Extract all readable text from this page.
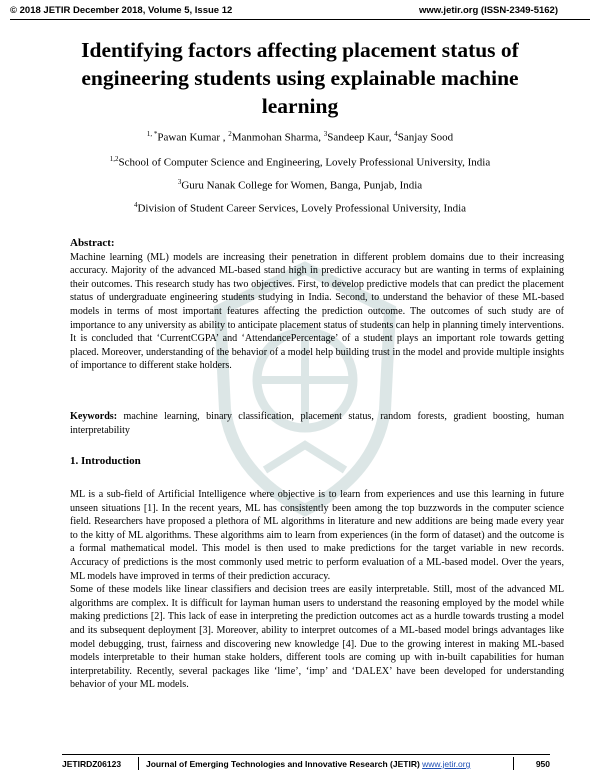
© 2018 JETIR December 2018, Volume 5, Issue 12	www.jetir.org (ISSN-2349-5162)
Identifying factors affecting placement status of engineering students using explainable machine learning
$^{1, *}$Pawan Kumar , $^2$Manmohan Sharma, $^3$Sandeep Kaur, $^4$Sanjay Sood
$^{1,2}$School of Computer Science and Engineering, Lovely Professional University, India
$^3$Guru Nanak College for Women, Banga, Punjab, India
$^4$Division of Student Career Services, Lovely Professional University, India
Abstract:

Machine learning (ML) models are increasing their penetration in different problem domains due to their increasing accuracy. Majority of the advanced ML-based stand high in predictive accuracy but are wanting in terms of explaining their outcomes. This research study has two objectives. First, to develop predictive models that can predict the placement status of undergraduate engineering students studying in India. Second, to understand the behavior of these ML-based models in terms of most important features affecting the prediction outcome. The outcomes of such study are of importance to any university as ability to anticipate placement status of students can help in planning timely interventions. It is concluded that ‘CurrentCGPA’ and ‘AttendancePercentage’ of a student plays an important role towards getting placed. Moreover, understanding of the behavior of a model help building trust in the model and provide multiple insights of importance to different stake holders.

Keywords: machine learning, binary classification, placement status, random forests, gradient boosting, human interpretability

1. Introduction

ML is a sub-field of Artificial Intelligence where objective is to learn from experiences and use this learning in future unseen situations [1]. In the recent years, ML has consistently been among the top buzzwords in the computer science field. Researchers have proposed a plethora of ML algorithms in literature and new additions are being made every year to the kitty of ML algorithms. These algorithms aim to learn from experiences (in the form of dataset) and the outcome is a formal mathematical model. This model is then used to make predictions for the target variable in new records. Accuracy of predictions is the most commonly used metric to perform evaluation of a ML-based model. Over the years, ML models have improved in terms of their prediction accuracy.

Some of these models like linear classifiers and decision trees are easily interpretable. Still, most of the advanced ML algorithms are complex. It is difficult for layman human users to understand the reasoning employed by the model while making predictions [2]. This lack of ease in interpreting the prediction outcomes act as a hurdle towards trusting a model and its subsequent deployment [3]. Moreover, ability to interpret outcomes of a ML-based model brings advantages like model debugging, trust, fairness and discovering new knowledge [4]. Due to the growing interest in making ML-based models interpretable to their human stake holders, different tools are coming up with in-built capabilities for human interpretability. Recently, several packages like ‘lime’, ‘imp’ and ‘DALEX’ have been developed for understanding behavior of your ML models.

JETIRDZ06123	Journal of Emerging Technologies and Innovative Research (JETIR) www.jetir.org	950
